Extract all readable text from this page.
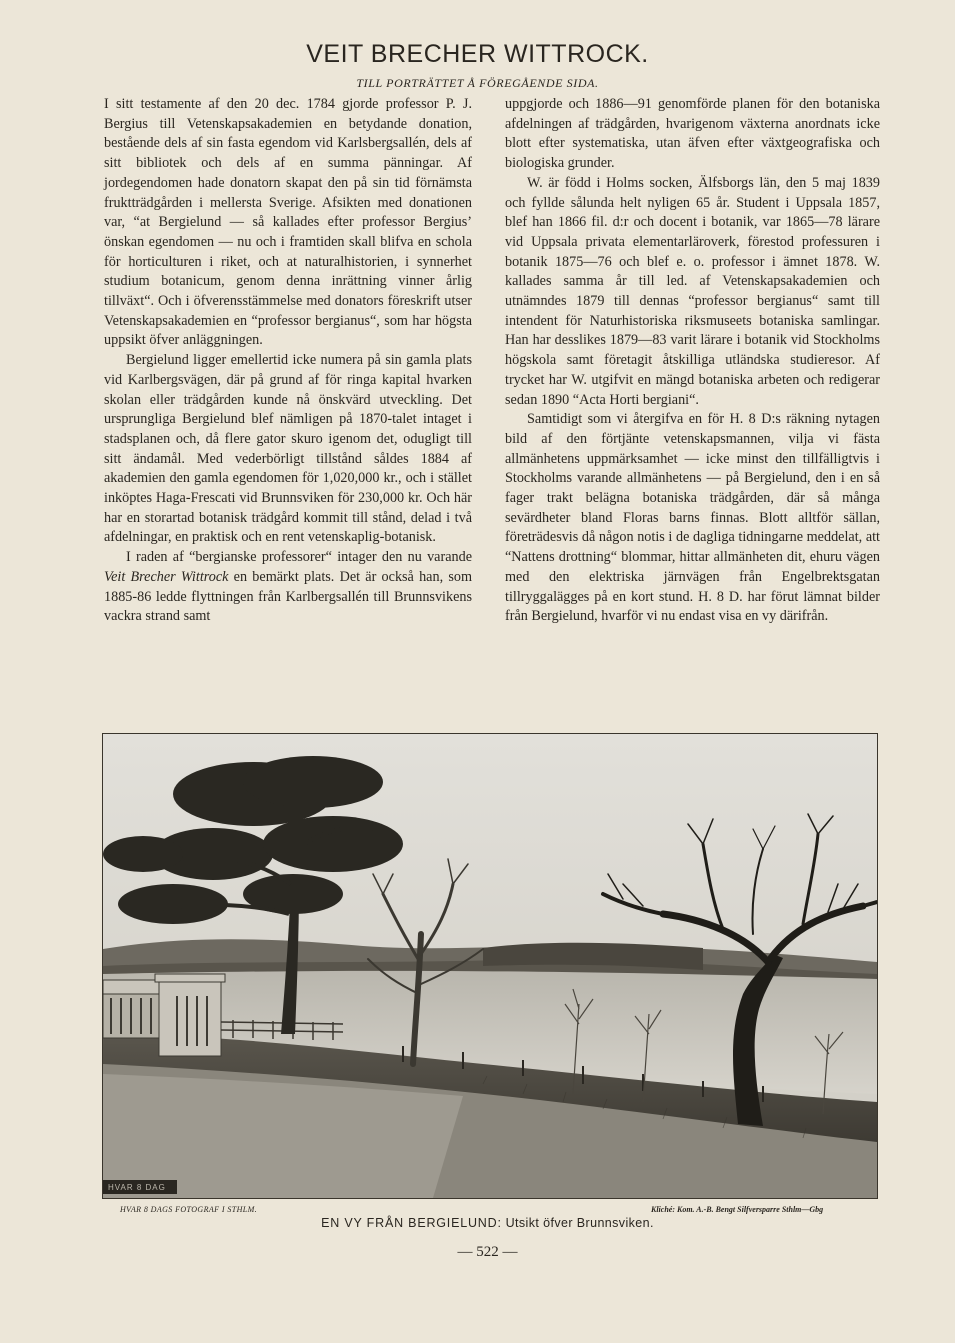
VEIT BRECHER WITTROCK.
TILL PORTRÄTTET Å FÖREGÅENDE SIDA.

I sitt testamente af den 20 dec. 1784 gjorde professor P. J. Bergius till Vetenskapsakademien en betydande donation, bestående dels af sin fasta egendom vid Karlsbergsallén, dels af sitt bibliotek och dels af en summa pänningar. Af jordegendomen hade donatorn skapat den på sin tid förnämsta fruktträdgården i mellersta Sverige. Afsikten med donationen var, “at Bergielund — så kallades efter professor Bergius’ önskan egendomen — nu och i framtiden skall blifva en schola för horticulturen i riket, och at naturalhistorien, i synnerhet studium botanicum, genom denna inrättning vinner årlig tillväxt“. Och i öfverensstämmelse med donators föreskrift utser Vetenskapsakademien en “professor bergianus“, som har högsta uppsikt öfver anläggningen.

Bergielund ligger emellertid icke numera på sin gamla plats vid Karlbergsvägen, där på grund af för ringa kapital hvarken skolan eller trädgården kunde nå önskvärd utveckling. Det ursprungliga Bergielund blef nämligen på 1870-talet intaget i stadsplanen och, då flere gator skuro igenom det, odugligt till sitt ändamål. Med vederbörligt tillstånd såldes 1884 af akademien den gamla egendomen för 1,020,000 kr., och i stället inköptes Haga-Frescati vid Brunnsviken för 230,000 kr. Och här har en storartad botanisk trädgård kommit till stånd, delad i två afdelningar, en praktisk och en rent vetenskaplig-botanisk.

I raden af “bergianske professorer“ intager den nu varande Veit Brecher Wittrock en bemärkt plats. Det är också han, som 1885-86 ledde flyttningen från Karlbergsallén till Brunnsvikens vackra strand samt

uppgjorde och 1886—91 genomförde planen för den botaniska afdelningen af trädgården, hvarigenom växterna anordnats icke blott efter systematiska, utan äfven efter växtgeografiska och biologiska grunder.

W. är född i Holms socken, Älfsborgs län, den 5 maj 1839 och fyllde sålunda helt nyligen 65 år. Student i Uppsala 1857, blef han 1866 fil. d:r och docent i botanik, var 1865—78 lärare vid Uppsala privata elementarläroverk, förestod professuren i botanik 1875—76 och blef e. o. professor i ämnet 1878. W. kallades samma år till led. af Vetenskapsakademien och utnämndes 1879 till dennas “professor bergianus“ samt till intendent för Naturhistoriska riksmuseets botaniska samlingar. Han har desslikes 1879—83 varit lärare i botanik vid Stockholms högskola samt företagit åtskilliga utländska studieresor. Af trycket har W. utgifvit en mängd botaniska arbeten och redigerar sedan 1890 “Acta Horti bergiani“.

Samtidigt som vi återgifva en för H. 8 D:s räkning nytagen bild af den förtjänte vetenskapsmannen, vilja vi fästa allmänhetens uppmärksamhet — icke minst den tillfälligtvis i Stockholms varande allmänhetens — på Bergielund, den i en så fager trakt belägna botaniska trädgården, där så många sevärdheter bland Floras barns finnas. Blott alltför sällan, företrädesvis då någon notis i de dagliga tidningarne meddelat, att “Nattens drottning“ blommar, hittar allmänheten dit, ehuru vägen med den elektriska järnvägen från Engelbrektsgatan tillryggalägges på en kort stund. H. 8 D. har förut lämnat bilder från Bergielund, hvarför vi nu endast visa en vy därifrån.

HVAR 8 DAG
HVAR 8 DAGS FOTOGRAF I STHLM.	Kliché: Kom. A.-B. Bengt Silfversparre Sthlm—Gbg
EN VY FRÅN BERGIELUND: Utsikt öfver Brunnsviken.
— 522 —
